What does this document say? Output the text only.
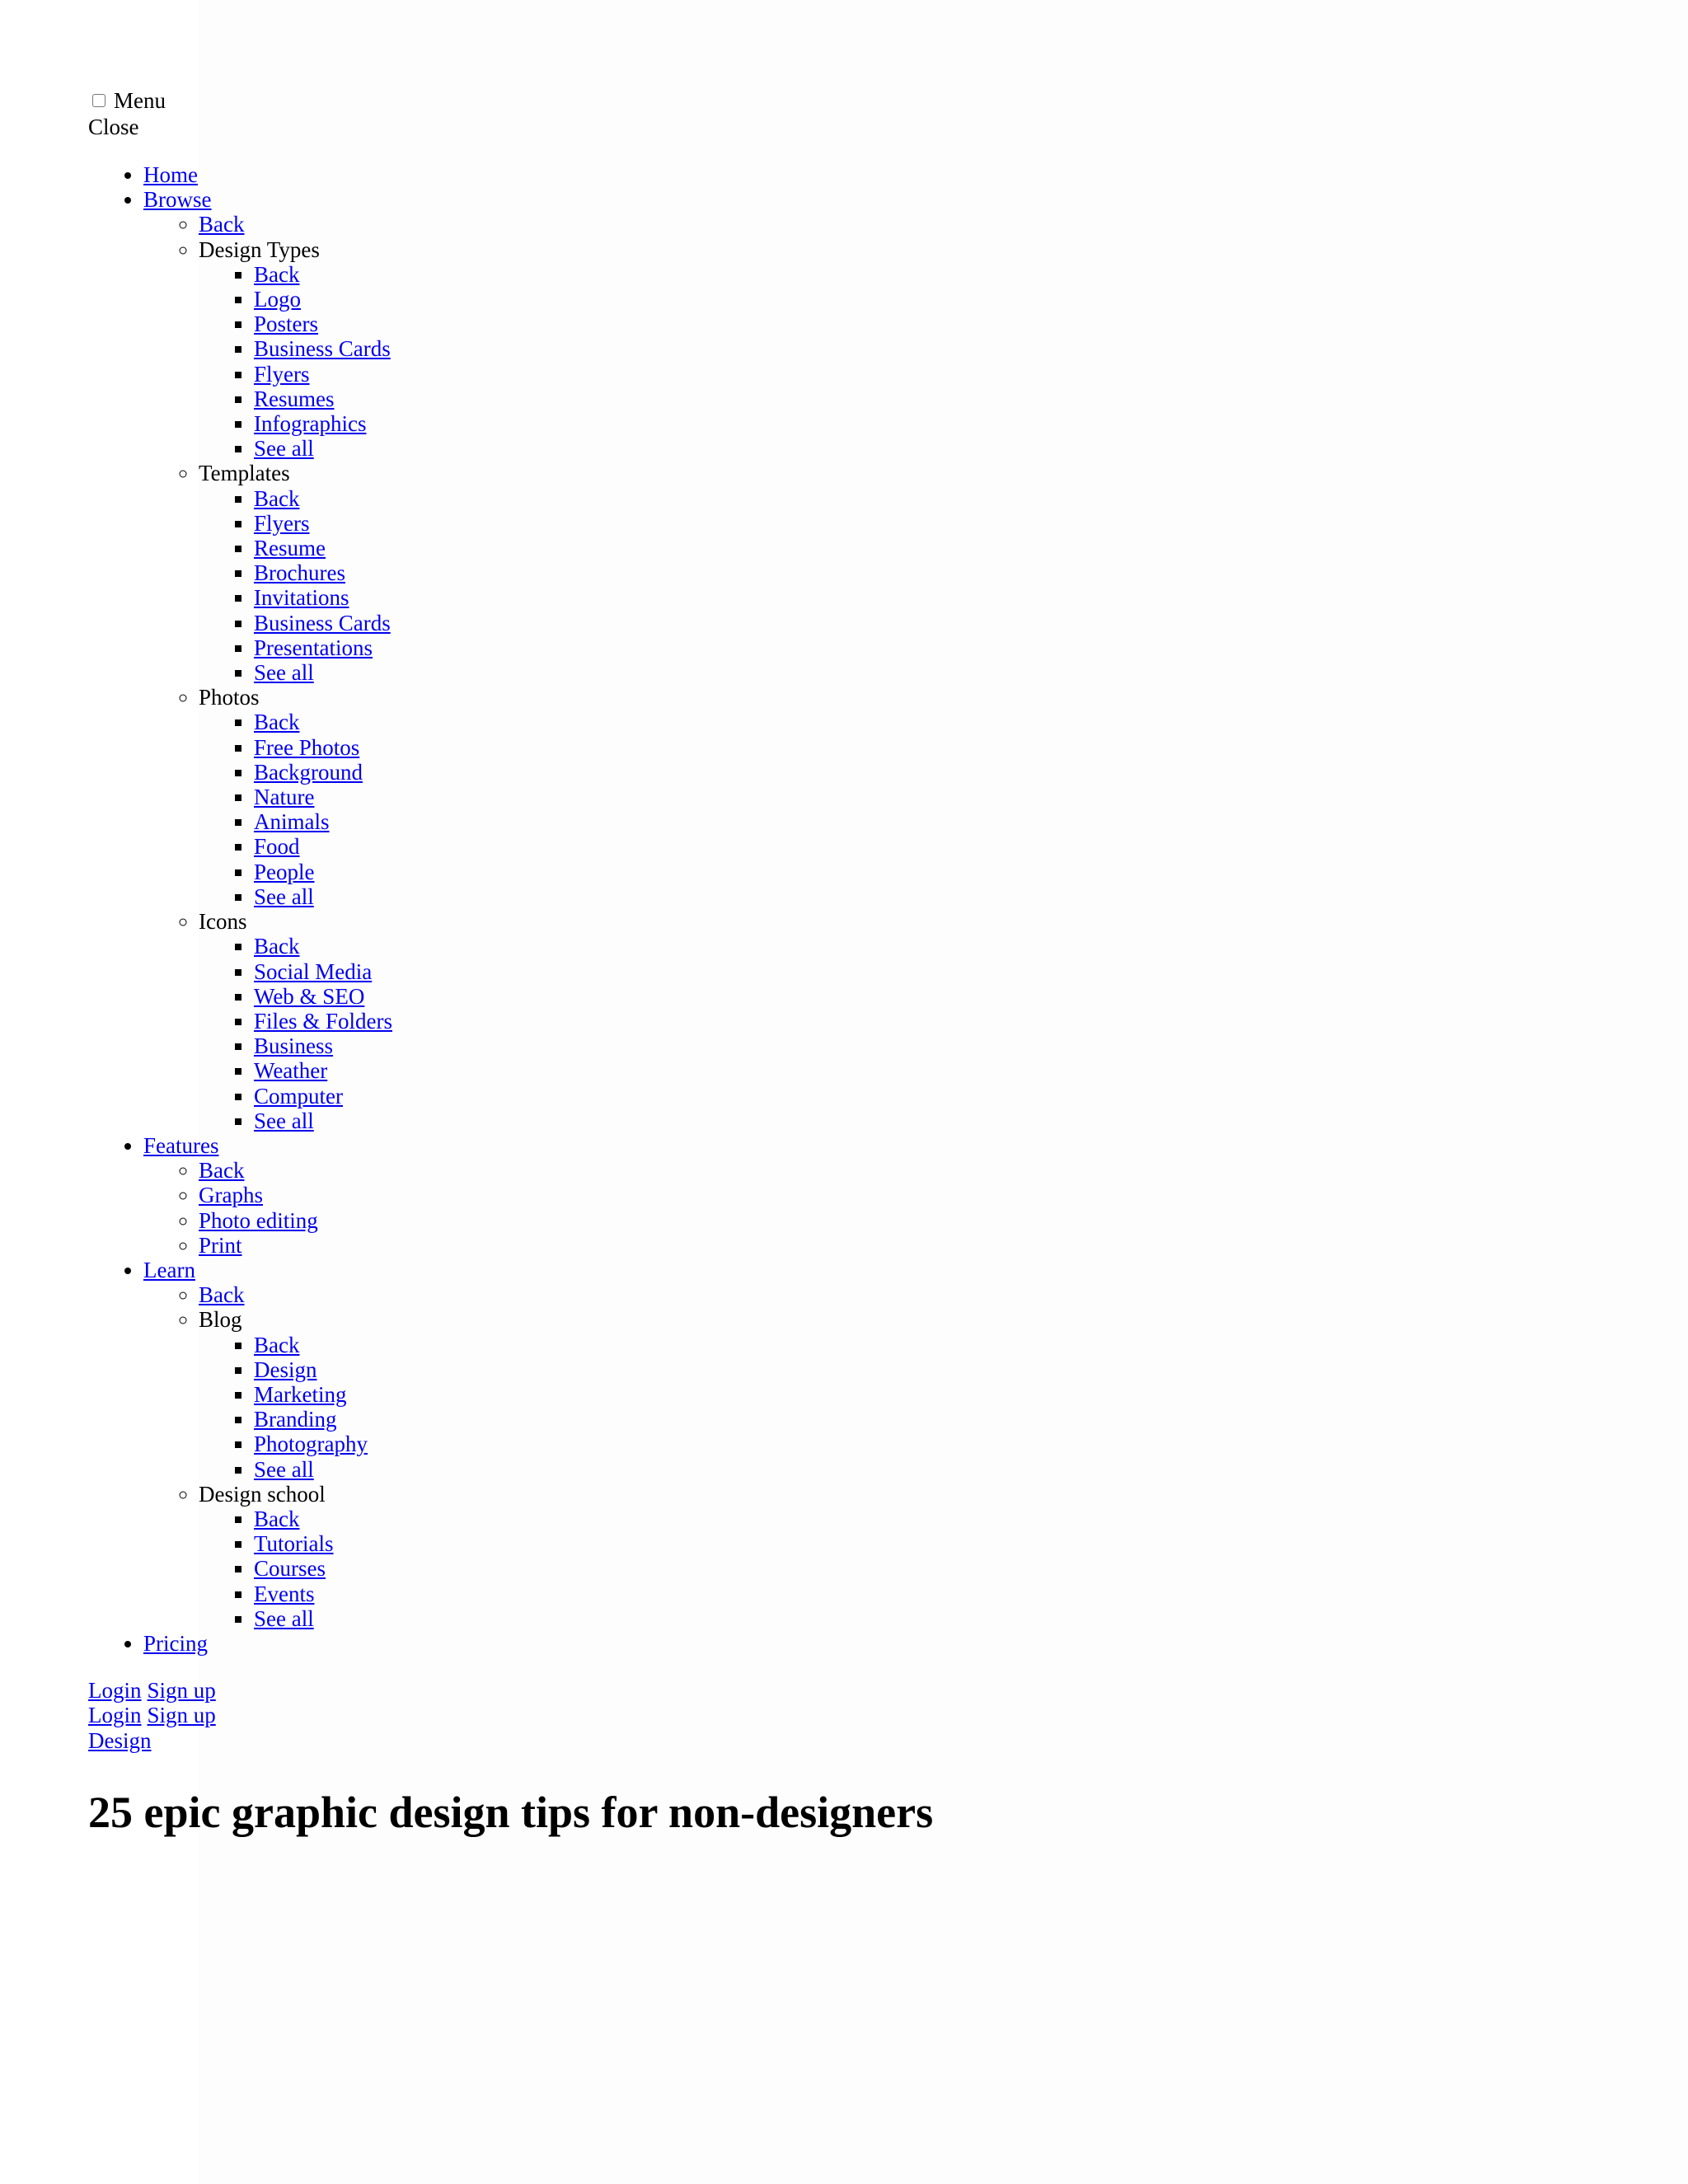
Menu
Close
• Home
• Browse
◦ Back
◦ Design Types
▪ Back
▪ Logo
▪ Posters
▪ Business Cards
▪ Flyers
▪ Resumes
▪ Infographics
▪ See all
◦ Templates
▪ Back
▪ Flyers
▪ Resume
▪ Brochures
▪ Invitations
▪ Business Cards
▪ Presentations
▪ See all
◦ Photos
▪ Back
▪ Free Photos
▪ Background
▪ Nature
▪ Animals
▪ Food
▪ People
▪ See all
◦ Icons
▪ Back
▪ Social Media
▪ Web & SEO
▪ Files & Folders
▪ Business
▪ Weather
▪ Computer
▪ See all
• Features
◦ Back
◦ Graphs
◦ Photo editing
◦ Print
• Learn
◦ Back
◦ Blog
▪ Back
▪ Design
▪ Marketing
▪ Branding
▪ Photography
▪ See all
◦ Design school
▪ Back
▪ Tutorials
▪ Courses
▪ Events
▪ See all
• Pricing
Login Sign up
Login Sign up
Design
25 epic graphic design tips for non-designers
